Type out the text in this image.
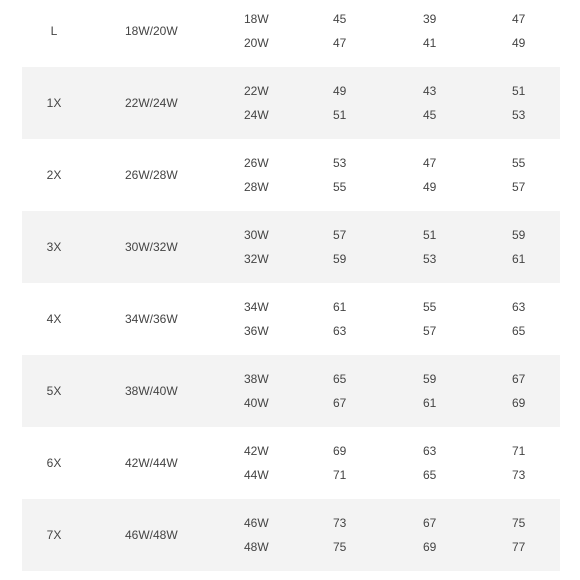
L	18W/20W
18W	45	39	47
20W	47	41	49
1X	22W/24W
22W	49	43	51
24W	51	45	53
2X	26W/28W
26W	53	47	55
28W	55	49	57
3X	30W/32W
30W	57	51	59
32W	59	53	61
4X	34W/36W
34W	61	55	63
36W	63	57	65
5X	38W/40W
38W	65	59	67
40W	67	61	69
6X	42W/44W
42W	69	63	71
44W	71	65	73
7X	46W/48W
46W	73	67	75
48W	75	69	77
